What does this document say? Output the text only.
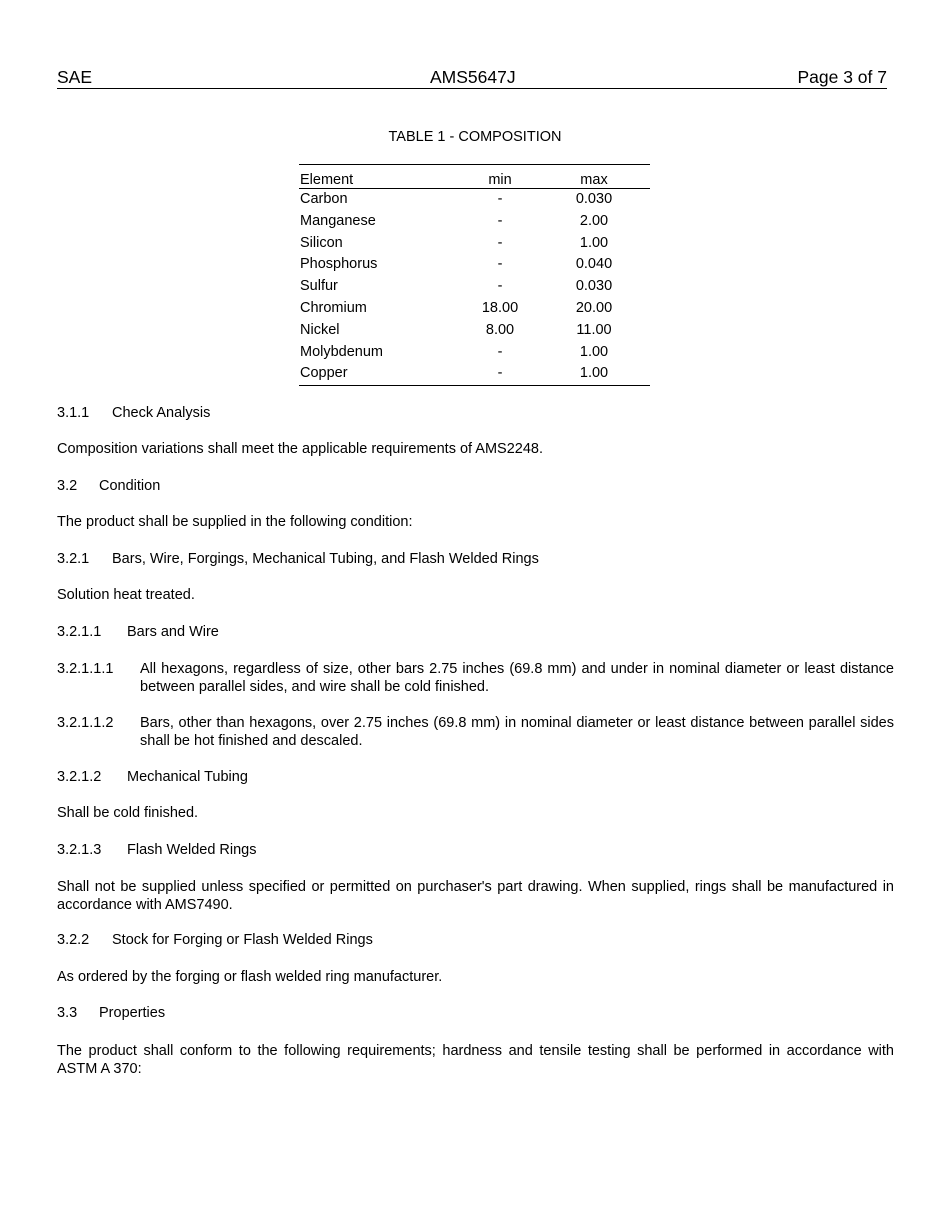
SAE	AMS5647J	Page 3 of 7
TABLE 1 - COMPOSITION
Element	min	max
Carbon	-	0.030
Manganese	-	2.00
Silicon	-	1.00
Phosphorus	-	0.040
Sulfur	-	0.030
Chromium	18.00	20.00
Nickel	8.00	11.00
Molybdenum	-	1.00
Copper	-	1.00
3.1.1 Check Analysis
Composition variations shall meet the applicable requirements of AMS2248.
3.2 Condition
The product shall be supplied in the following condition:
3.2.1 Bars, Wire, Forgings, Mechanical Tubing, and Flash Welded Rings
Solution heat treated.
3.2.1.1 Bars and Wire
3.2.1.1.1 All hexagons, regardless of size, other bars 2.75 inches (69.8 mm) and under in nominal diameter or least distance between parallel sides, and wire shall be cold finished.
3.2.1.1.2 Bars, other than hexagons, over 2.75 inches (69.8 mm) in nominal diameter or least distance between parallel sides shall be hot finished and descaled.
3.2.1.2 Mechanical Tubing
Shall be cold finished.
3.2.1.3 Flash Welded Rings
Shall not be supplied unless specified or permitted on purchaser's part drawing. When supplied, rings shall be manufactured in accordance with AMS7490.
3.2.2 Stock for Forging or Flash Welded Rings
As ordered by the forging or flash welded ring manufacturer.
3.3 Properties
The product shall conform to the following requirements; hardness and tensile testing shall be performed in accordance with ASTM A 370:
